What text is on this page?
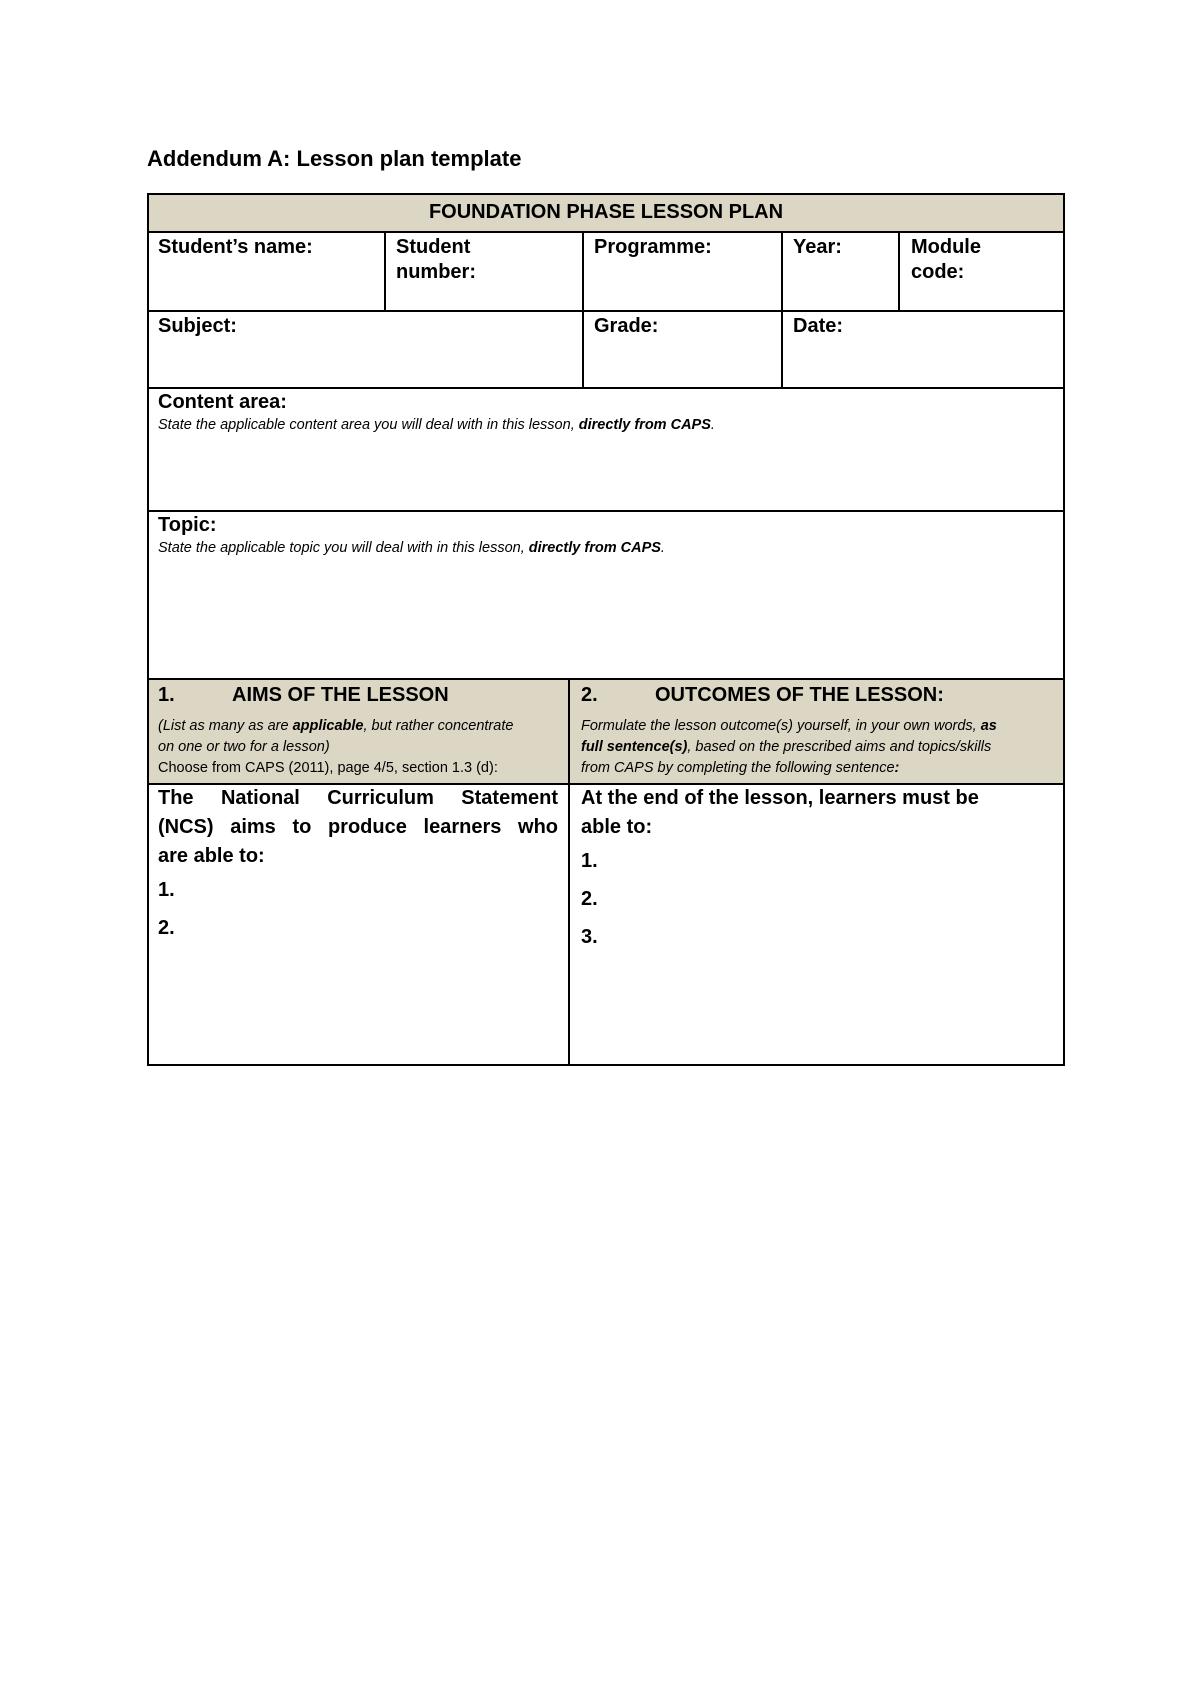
Addendum A: Lesson plan template
FOUNDATION PHASE LESSON PLAN
Student’s name:	Student
number:
Programme:	Year:	Module
code:
Subject:	Grade:	Date:
Content area:
State the applicable content area you will deal with in this lesson, directly from CAPS.
Topic:
State the applicable topic you will deal with in this lesson, directly from CAPS.
1.	AIMS OF THE LESSON
(List as many as are applicable, but rather concentrate
on one or two for a lesson)
Choose from CAPS (2011), page 4/5, section 1.3 (d):
2.	OUTCOMES OF THE LESSON:
Formulate the lesson outcome(s) yourself, in your own words, as
full sentence(s), based on the prescribed aims and topics/skills
from CAPS by completing the following sentence:
The National Curriculum Statement
(NCS) aims to produce learners who
are able to:
1.
2.
At the end of the lesson, learners must be
able to:
1.
2.
3.
